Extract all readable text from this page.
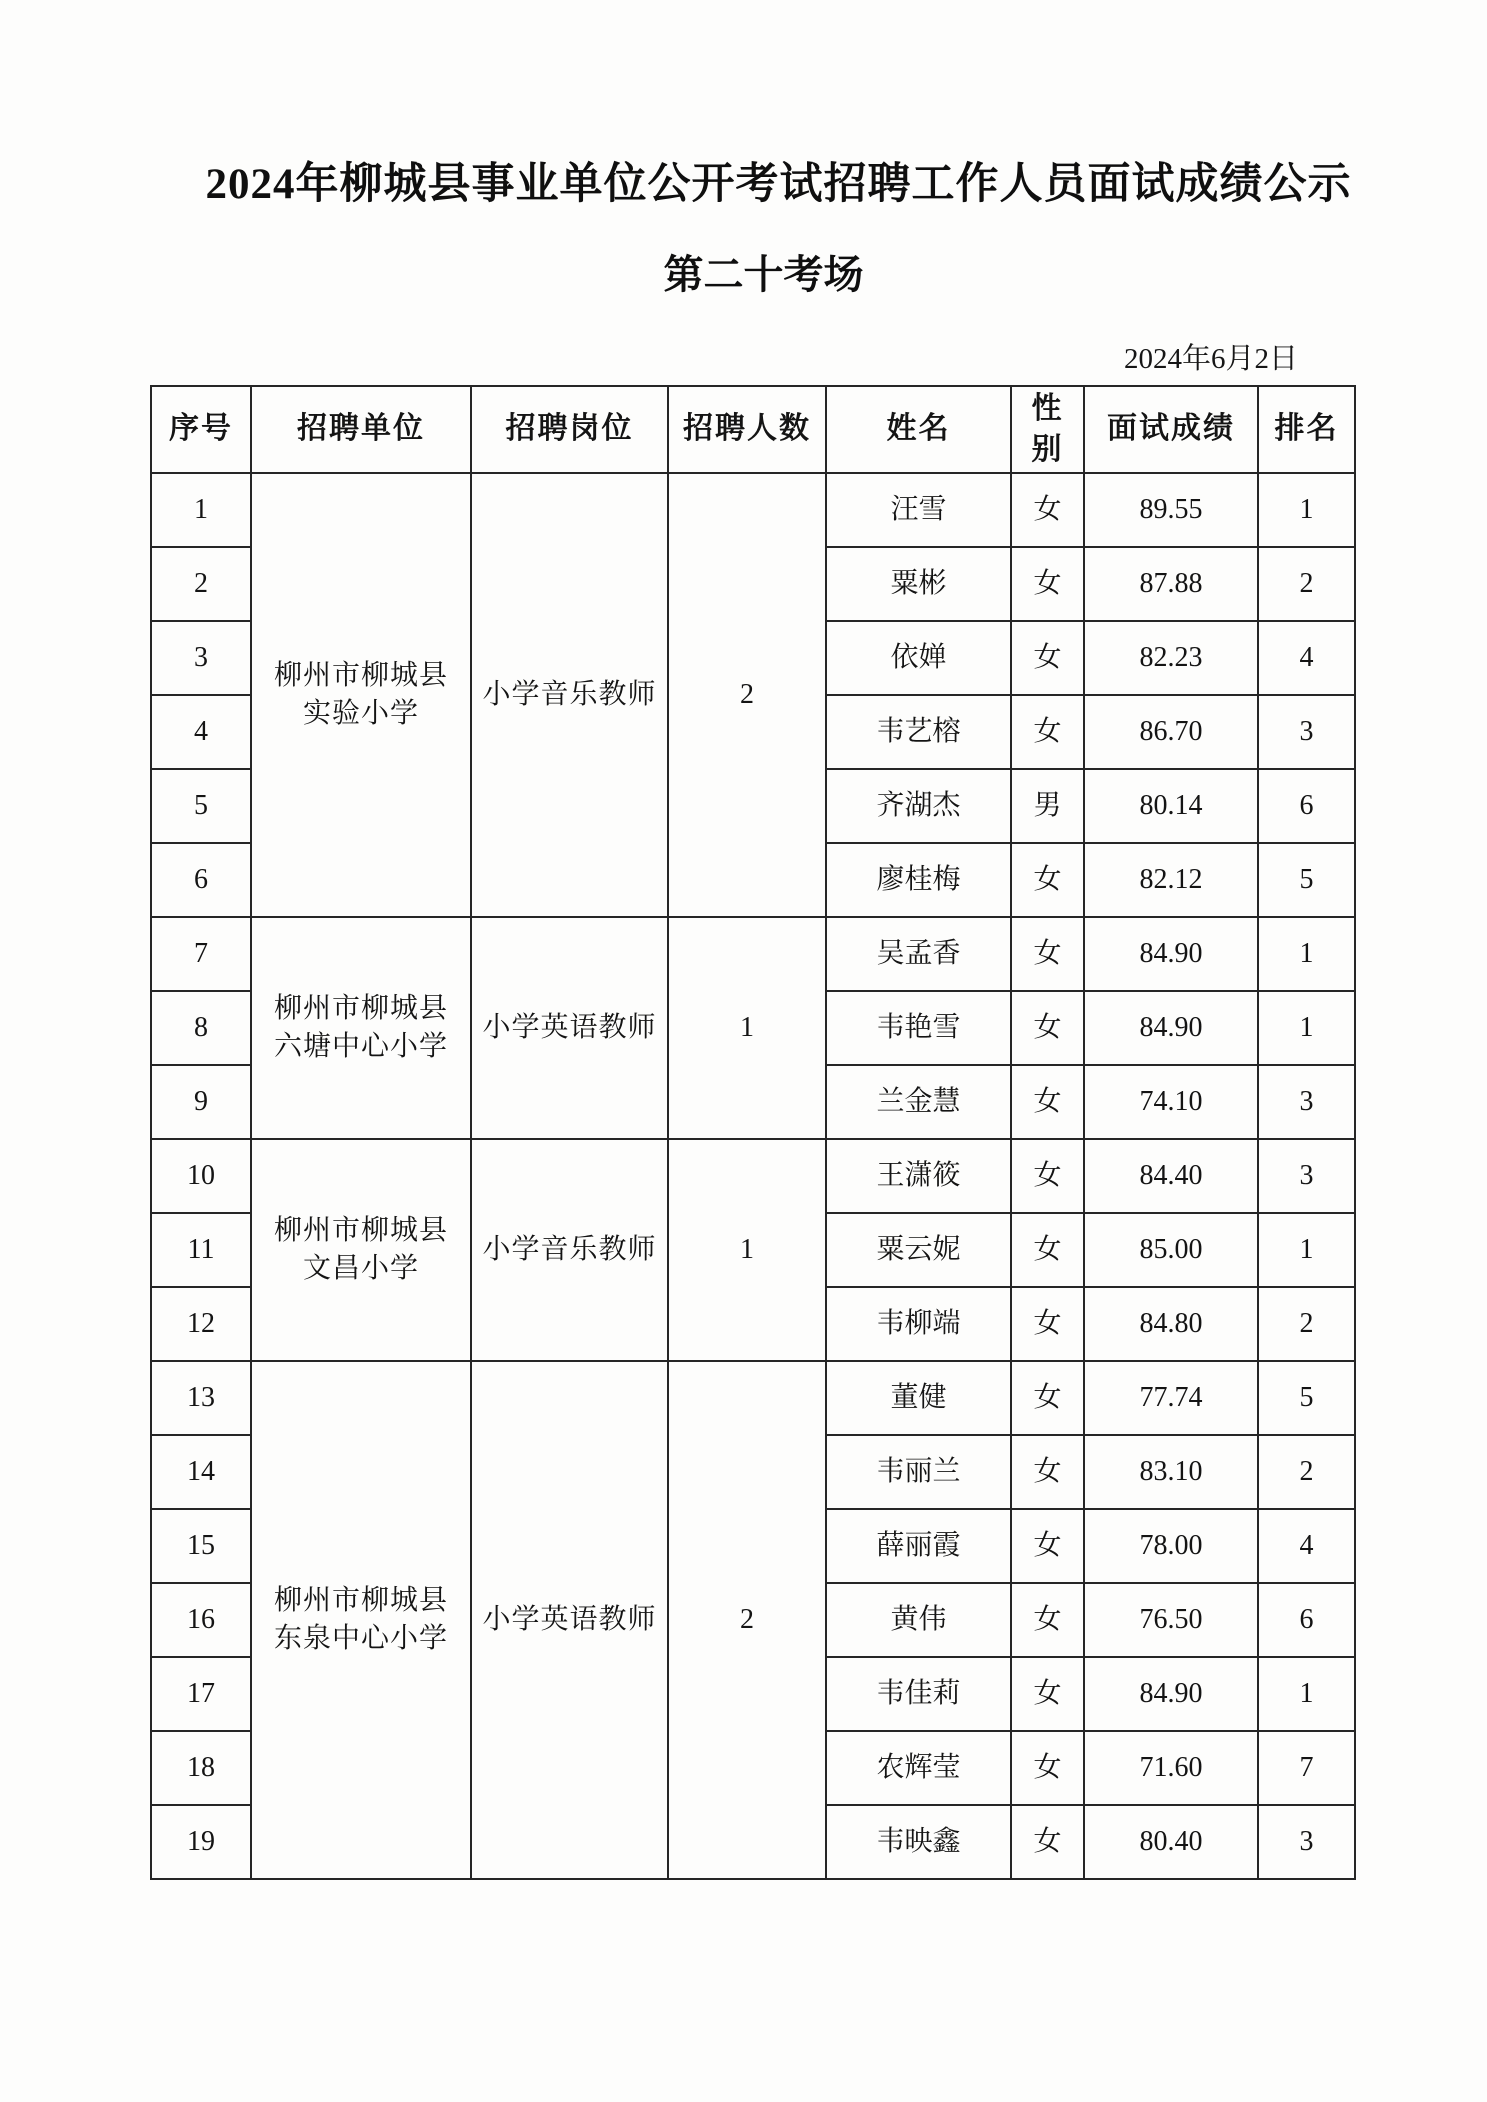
2024年柳城县事业单位公开考试招聘工作人员面试成绩公示
第二十考场
2024年6月2日
序号	招聘单位	招聘岗位	招聘人数	姓名	性别	面试成绩	排名
1	柳州市柳城县实验小学	小学音乐教师	2	汪雪	女	89.55	1
2				粟彬	女	87.88	2
3				依婵	女	82.23	4
4				韦艺榕	女	86.70	3
5				齐湖杰	男	80.14	6
6				廖桂梅	女	82.12	5
7	柳州市柳城县六塘中心小学	小学英语教师	1	吴孟香	女	84.90	1
8				韦艳雪	女	84.90	1
9				兰金慧	女	74.10	3
10	柳州市柳城县文昌小学	小学音乐教师	1	王潇筱	女	84.40	3
11				粟云妮	女	85.00	1
12				韦柳端	女	84.80	2
13	柳州市柳城县东泉中心小学	小学英语教师	2	董健	女	77.74	5
14				韦丽兰	女	83.10	2
15				薛丽霞	女	78.00	4
16				黄伟	女	76.50	6
17				韦佳莉	女	84.90	1
18				农辉莹	女	71.60	7
19				韦映鑫	女	80.40	3
